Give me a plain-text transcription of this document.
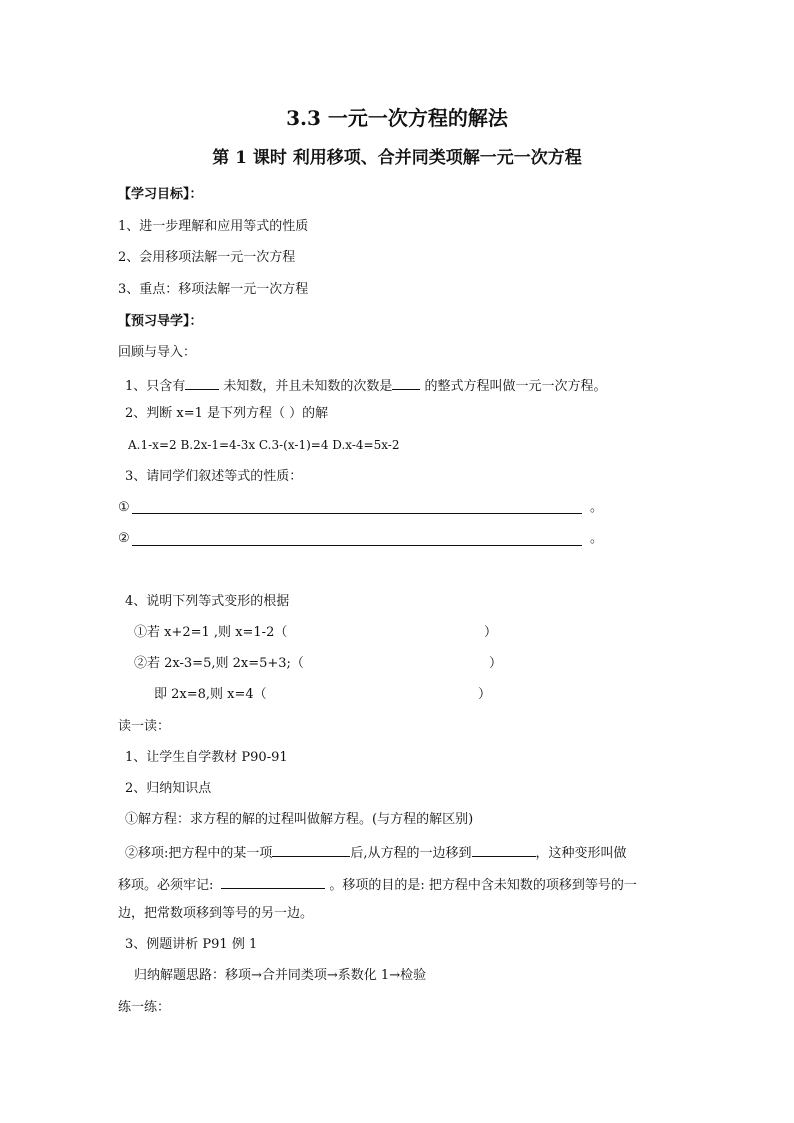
3.3 一元一次方程的解法
第 1 课时 利用移项、合并同类项解一元一次方程
【学习目标】：
1、进一步理解和应用等式的性质
2、会用移项法解一元一次方程
3、重点：移项法解一元一次方程
【预习导学】：
回顾与导入：
1、只含有	未知数，并且未知数的次数是 的整式方程叫做一元一次方程。
2、判断 x=1 是下列方程（ ）的解
A.1-x=2 B.2x-1=4-3x C.3-(x-1)=4 D.x-4=5x-2
3、请同学们叙述等式的性质：
①	。
②	。
4、说明下列等式变形的根据
①若 x+2=1 ,则 x=1-2（	）
②若 2x-3=5,则 2x=5+3;（	）
即 2x=8,则 x=4（	）
读一读：
1、让学生自学教材 P90-91
2、归纳知识点
①解方程：求方程的解的过程叫做解方程。(与方程的解区别)
②移项:把方程中的某一项	后,从方程的一边移到	，这种变形叫做
移项。必须牢记:	。移项的目的是: 把方程中含未知数的项移到等号的一
边，把常数项移到等号的另一边。
3、例题讲析 P91 例 1
归纳解题思路：移项→合并同类项→系数化 1→检验
练一练：
